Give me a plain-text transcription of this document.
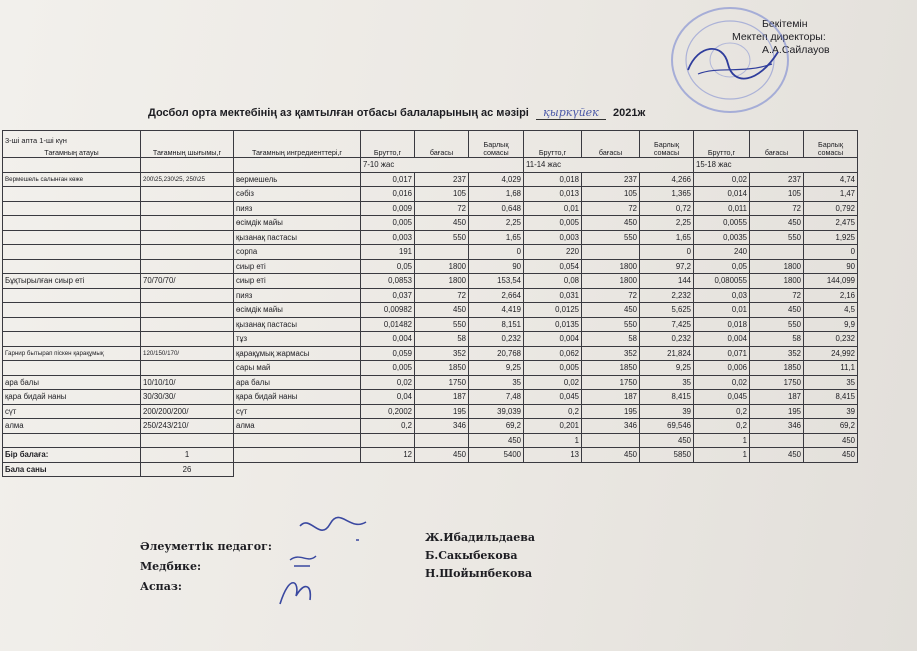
Бекітемін
Мектеп директоры:
А.А.Сайлауов
Досбол орта мектебінің аз қамтылған отбасы балаларының ас мәзірі қыркүйек 2021ж
3-ші апта 1-ші күн
Тағамның атауы	Тағамның шығымы,г	Тағамның ингредиенттері,г	Брутто,г	бағасы	Барлық сомасы	Брутто,г	бағасы	Барлық сомасы	Брутто,г	бағасы	Барлық сомасы
			7-10 жас			11-14 жас			15-18 жас		
Вермешель салынған көже	200\25,230\25, 250\25	вермешель	0,017	237	4,029	0,018	237	4,266	0,02	237	4,74
		сәбіз	0,016	105	1,68	0,013	105	1,365	0,014	105	1,47
		пияз	0,009	72	0,648	0,01	72	0,72	0,011	72	0,792
		өсімдік майы	0,005	450	2,25	0,005	450	2,25	0,0055	450	2,475
		қызанақ пастасы	0,003	550	1,65	0,003	550	1,65	0,0035	550	1,925
		сорпа	191		0	220		0	240		0
		сиыр еті	0,05	1800	90	0,054	1800	97,2	0,05	1800	90
Бұқтырылған сиыр еті	70/70/70/	сиыр еті	0,0853	1800	153,54	0,08	1800	144	0,080055	1800	144,099
		пияз	0,037	72	2,664	0,031	72	2,232	0,03	72	2,16
		өсімдік майы	0,00982	450	4,419	0,0125	450	5,625	0,01	450	4,5
		қызанақ пастасы	0,01482	550	8,151	0,0135	550	7,425	0,018	550	9,9
		тұз	0,004	58	0,232	0,004	58	0,232	0,004	58	0,232
Гарнир бытырап піскен қарақұмық	120/150/170/	қарақұмық жармасы	0,059	352	20,768	0,062	352	21,824	0,071	352	24,992
		сары май	0,005	1850	9,25	0,005	1850	9,25	0,006	1850	11,1
ара балы	10/10/10/	ара балы	0,02	1750	35	0,02	1750	35	0,02	1750	35
қара бидай наны	30/30/30/	қара бидай наны	0,04	187	7,48	0,045	187	8,415	0,045	187	8,415
сүт	200/200/200/	сүт	0,2002	195	39,039	0,2	195	39	0,2	195	39
алма	250/243/210/	алма	0,2	346	69,2	0,201	346	69,546	0,2	346	69,2
					450	1		450	1		450
Бір балаға:	1		12	450	5400	13	450	5850	1	450	450
Бала саны	26										
Әлеуметтік педагог:
Медбике:
Аспаз:
Ж.Ибадильдаева
Б.Сакыбекова
Н.Шойынбекова
